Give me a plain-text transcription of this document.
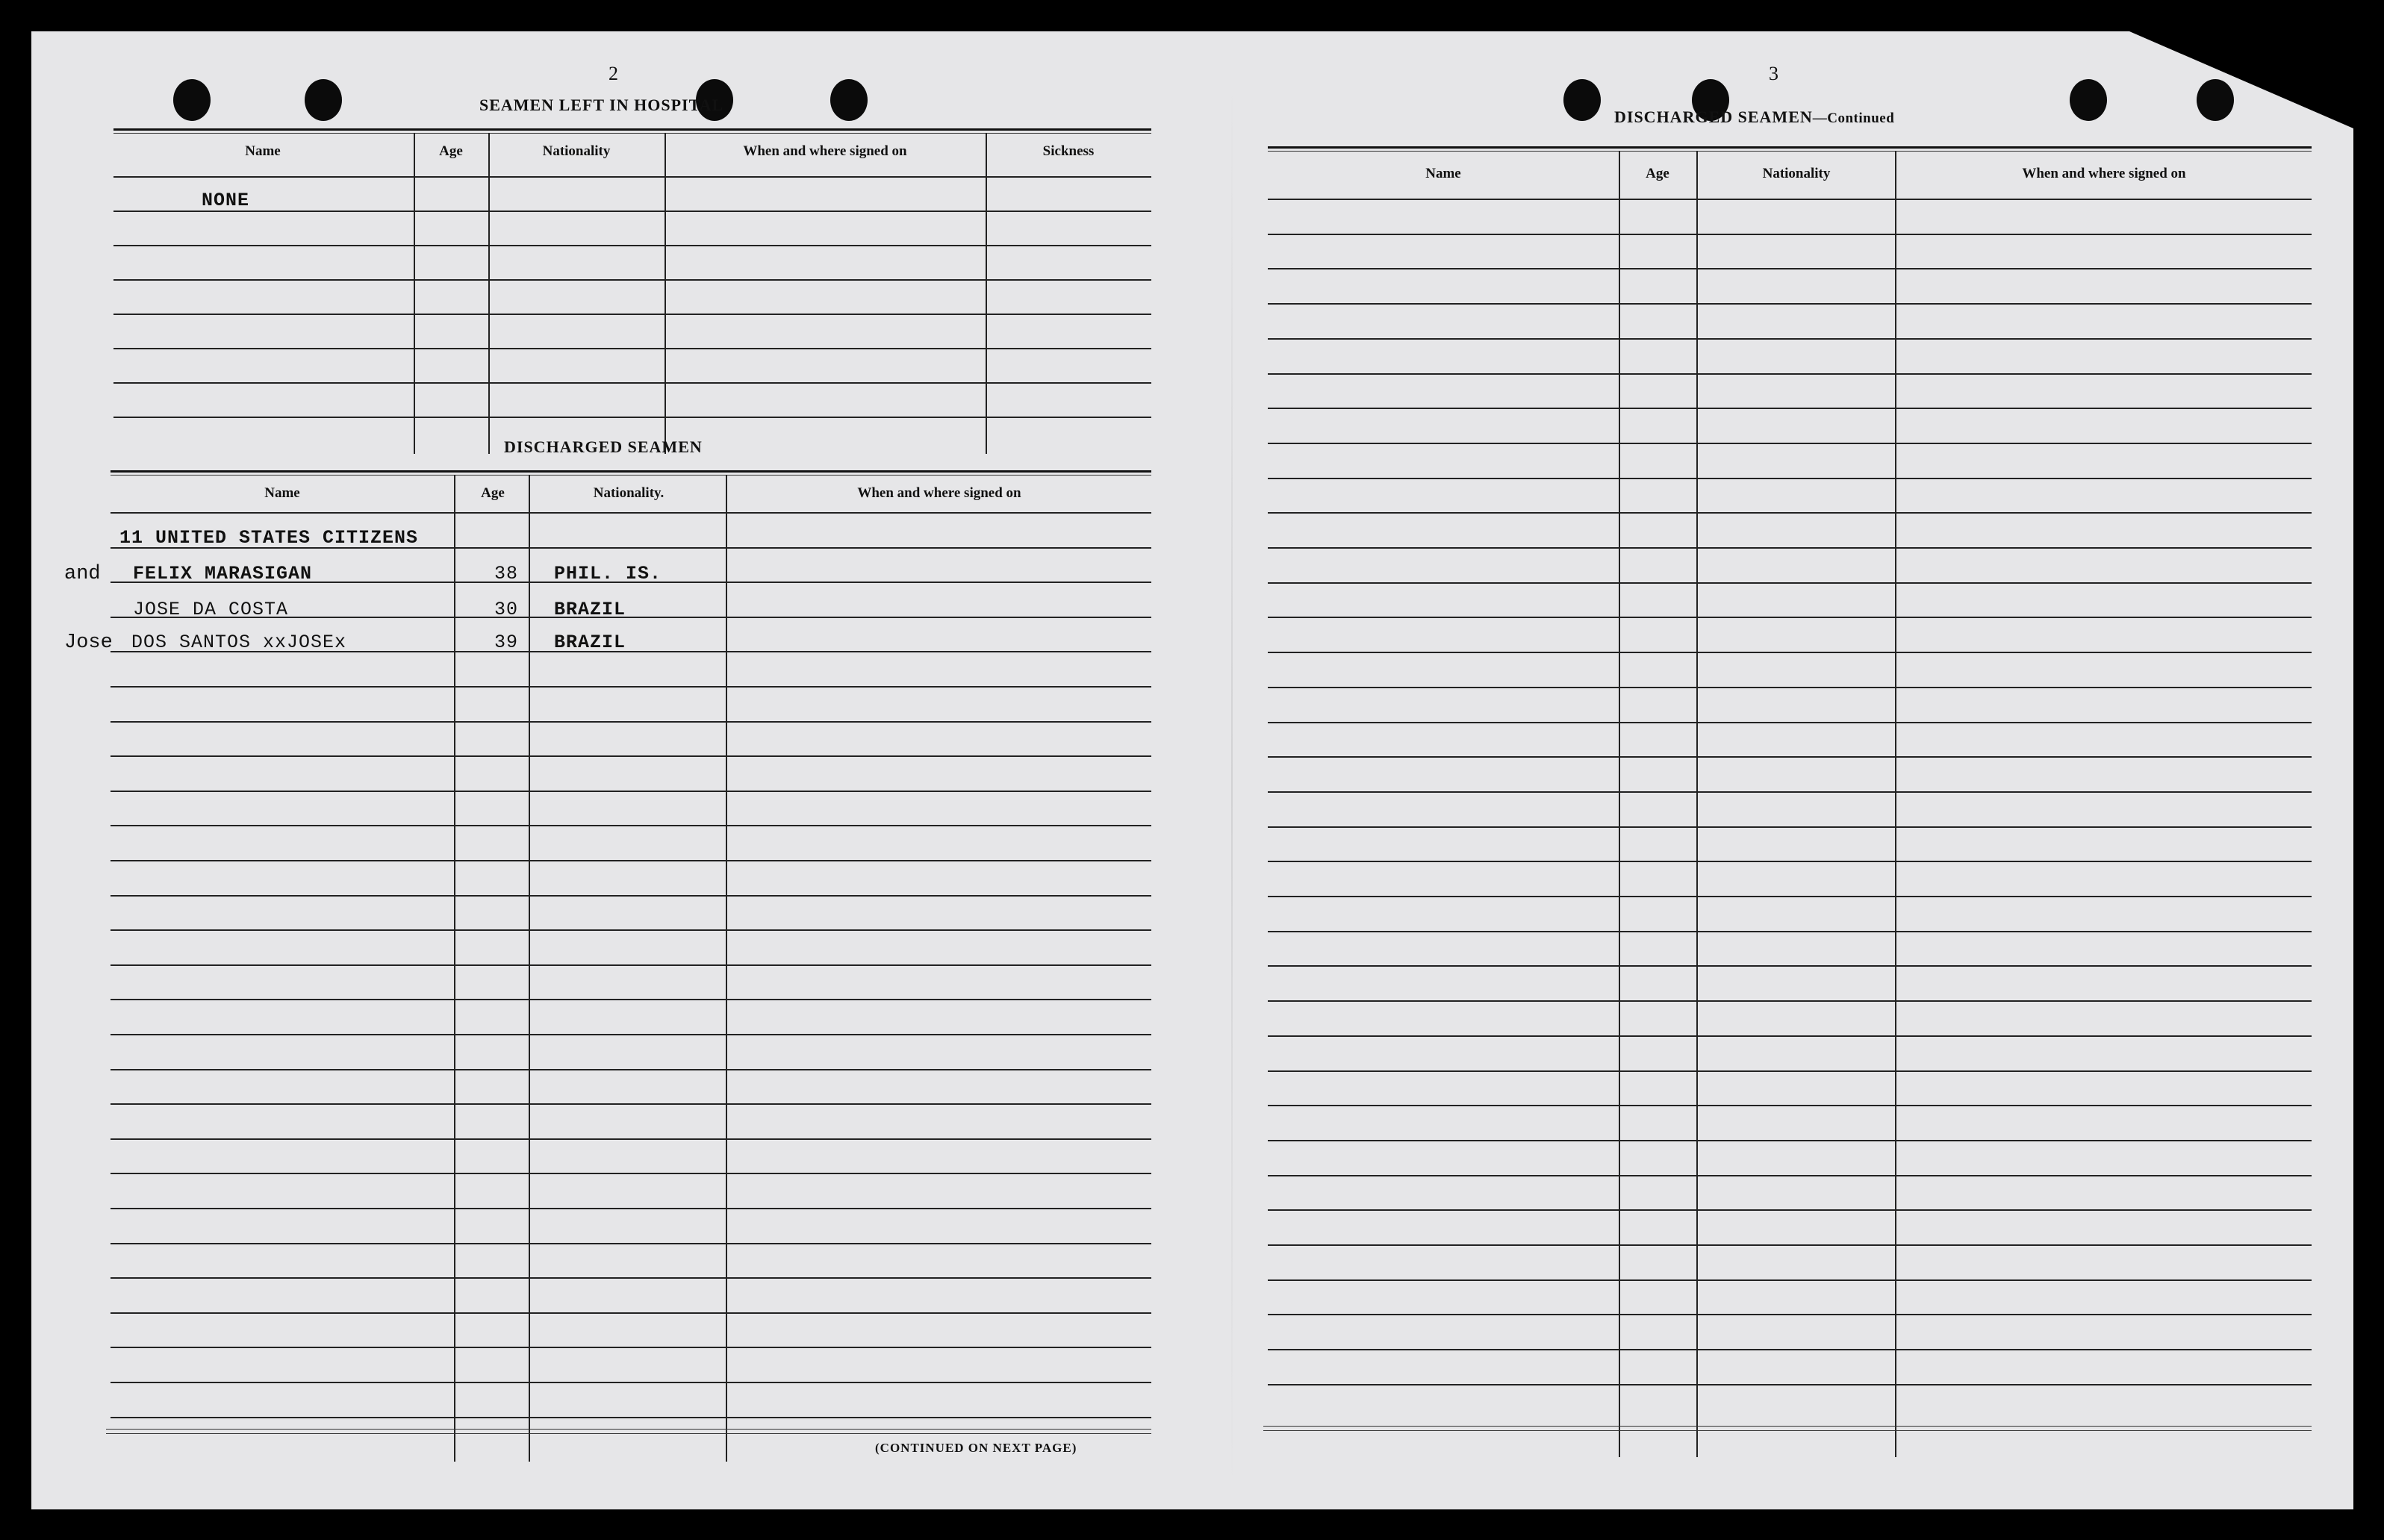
2
SEAMEN LEFT IN HOSPITAL
Name	Age	Nationality	When and where signed on	Sickness
NONE
DISCHARGED SEAMEN
Name	Age	Nationality.	When and where signed on
11 UNITED STATES CITIZENS
and FELIX MARASIGAN	38 PHIL. IS.
JOSE DA COSTA	30 BRAZIL
Jose DOS SANTOS xxJOSEx	39 BRAZIL
(CONTINUED ON NEXT PAGE)
3
DISCHARGED SEAMEN—Continued
Name	Age	Nationality	When and where signed on
